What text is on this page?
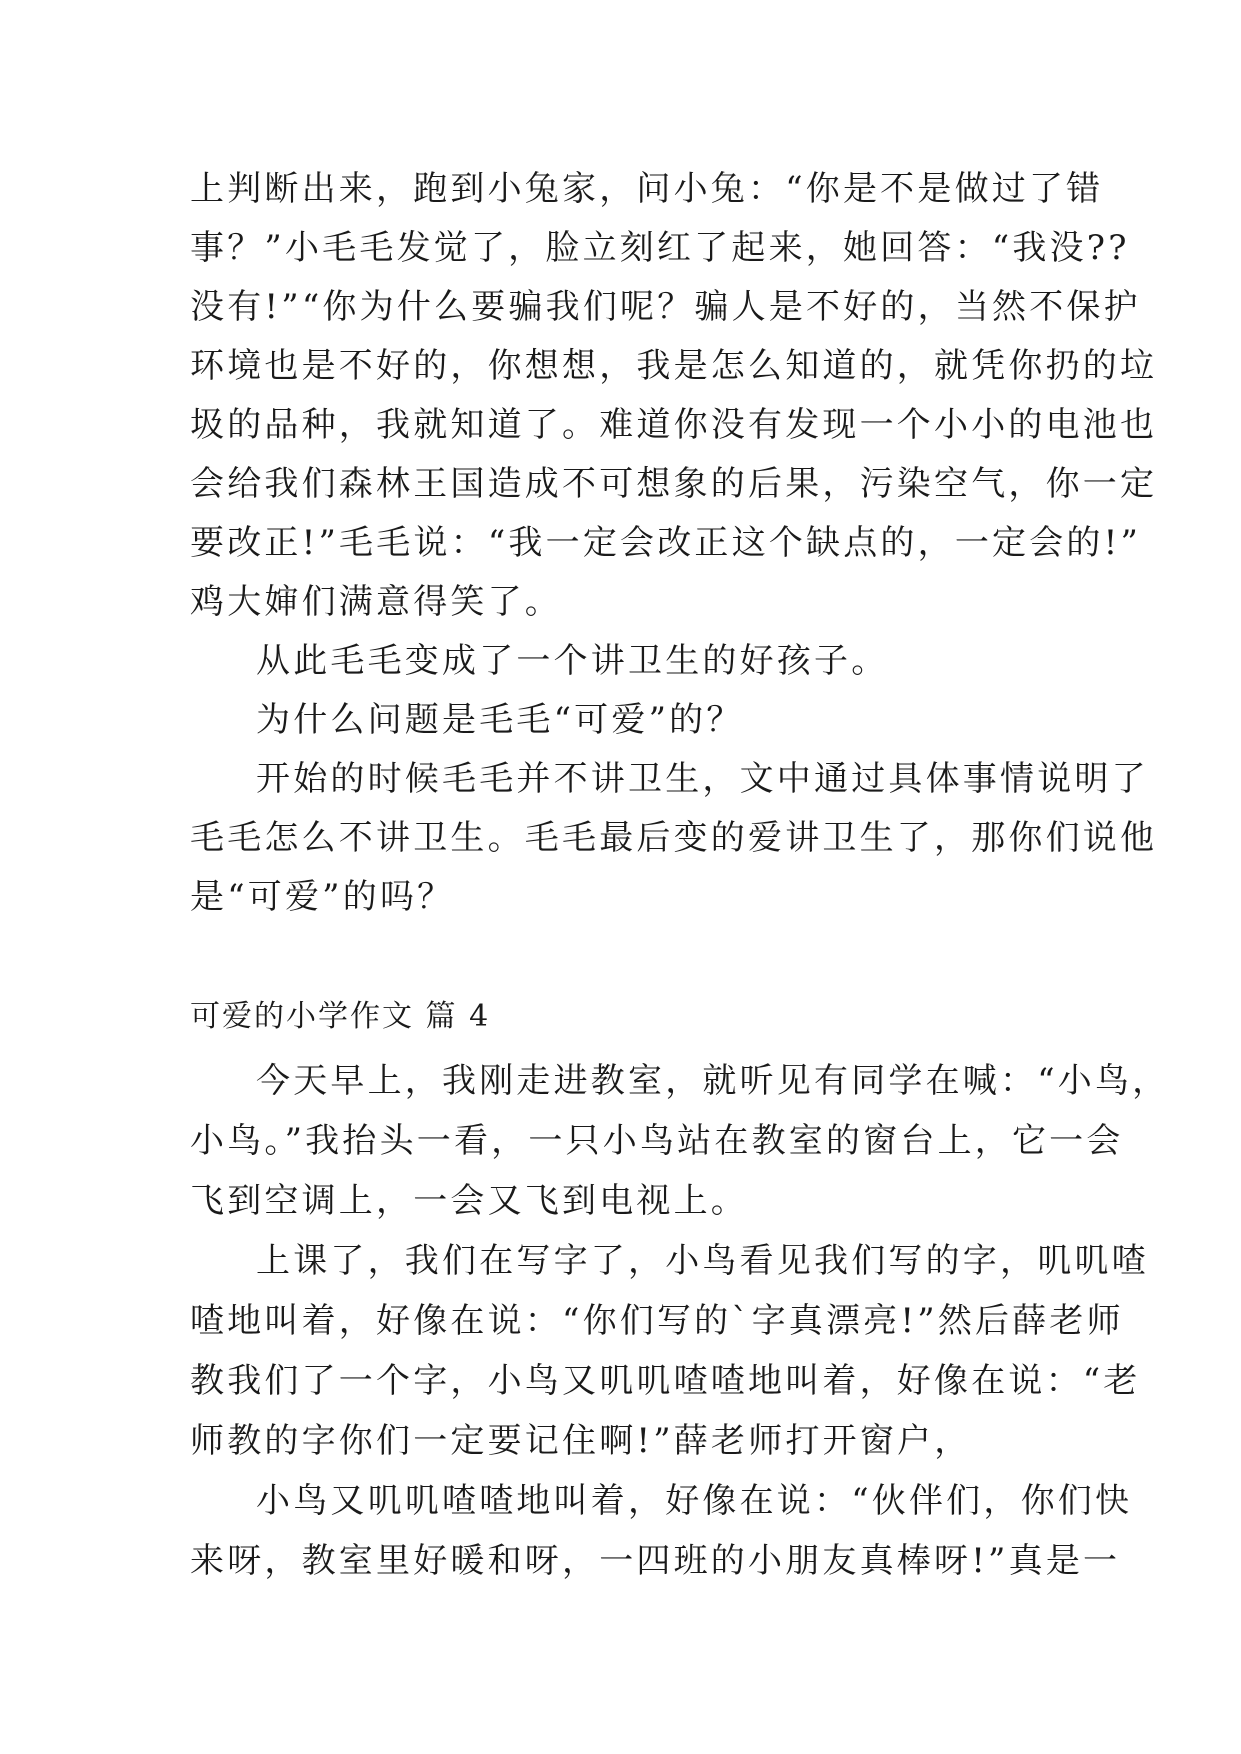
上判断出来，跑到小兔家，问小兔：“你是不是做过了错
事？”小毛毛发觉了，脸立刻红了起来，她回答：“我没??
没有!”“你为什么要骗我们呢？骗人是不好的，当然不保护
环境也是不好的，你想想，我是怎么知道的，就凭你扔的垃
圾的品种，我就知道了。难道你没有发现一个小小的电池也
会给我们森林王国造成不可想象的后果，污染空气，你一定
要改正!”毛毛说：“我一定会改正这个缺点的，一定会的!”
鸡大婶们满意得笑了。
从此毛毛变成了一个讲卫生的好孩子。
为什么问题是毛毛“可爱”的？
开始的时候毛毛并不讲卫生，文中通过具体事情说明了
毛毛怎么不讲卫生。毛毛最后变的爱讲卫生了，那你们说他
是“可爱”的吗？
可爱的小学作文 篇 4
今天早上，我刚走进教室，就听见有同学在喊：“小鸟，
小鸟。”我抬头一看，一只小鸟站在教室的窗台上，它一会
飞到空调上，一会又飞到电视上。
上课了，我们在写字了，小鸟看见我们写的字，叽叽喳
喳地叫着，好像在说：“你们写的`字真漂亮!”然后薛老师
教我们了一个字，小鸟又叽叽喳喳地叫着，好像在说：“老
师教的字你们一定要记住啊!”薛老师打开窗户，
小鸟又叽叽喳喳地叫着，好像在说：“伙伴们，你们快
来呀，教室里好暖和呀，一四班的小朋友真棒呀!”真是一
